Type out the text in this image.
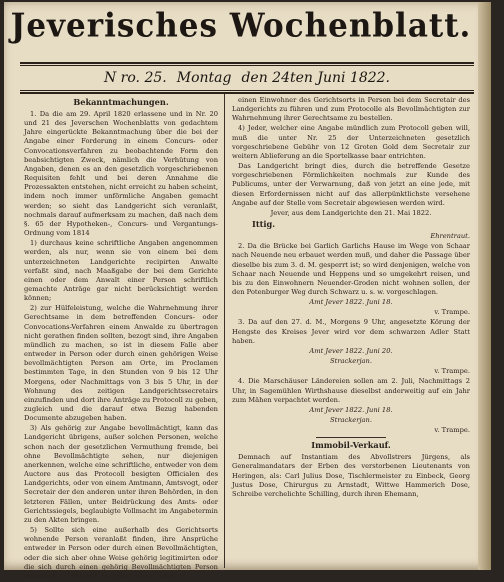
Jeverisches Wochenblatt.
N ro. 25. Montag den 24ten Juni 1822.

Bekanntmachungen.

1. Da die am 29. April 1820 erlassene und in Nr. 20 und 21 des Jeverschen Wochenblatts von gedachtem Jahre eingerückte Bekanntmachung über die bei der Angabe einer Forderung in einem Concurs- oder Convocationsverfahren zu beobachtende Form den beabsichtigten Zweck, nämlich die Verhütung von Angaben, denen es an den gesetzlich vorgeschriebenen Requisiten fehlt und bei deren Annahme die Prozessakten entstehen, nicht erreicht zu haben scheint, indem noch immer unförmliche Angaben gemacht werden; so sieht das Landgericht sich veranlaßt, nochmals darauf aufmerksam zu machen, daß nach dem §. 65 der Hypotheken-, Concurs- und Vergantungs-Ordnung vom 1814

1) durchaus keine schriftliche Angaben angenommen werden, als nur, wenn sie von einem bei dem unterzeichneten Landgerichte recipirten Anwalte verfaßt sind, nach Maaßgabe der bei dem Gerichte einen oder dem Anwalt einer Person schriftlich gemachte Anträge gar nicht berücksichtigt werden können;

2) zur Hülfeleistung, welche die Wahrnehmung ihrer Gerechtsame in dem betreffenden Concurs- oder Convocations-Verfahren einem Anwalde zu übertragen nicht gerathen finden sollten, bezogt sind, ihre Angaben mündlich zu machen, so ist in diesem Falle aber entweder in Person oder durch einen gehörigen Weise bevollmächtigten Person am Orte, im Proclamen bestimmten Tage, in den Stunden von 9 bis 12 Uhr Morgens, oder Nachmittags von 3 bis 5 Uhr, in der Wohnung des zeitigen Landgerichtssecretairs einzufinden und dort ihre Anträge zu Protocoll zu geben, zugleich und die darauf etwa Bezug habenden Documente abzugeben haben.

3) Als gehörig zur Angabe bevollmächtigt, kann das Landgericht übrigens, außer solchen Personen, welche schon nach der gesetzlichen Vermuthung fremde, bei ohne Bevollmächtigte sehen, nur diejenigen anerkennen, welche eine schriftliche, entweder von dem Auctore aus das Protocoll besigten Officialen des Landgerichts, oder von einem Amtmann, Amtsvogt, oder Secretair der den anderen unter ihren Behörden, in den letzteren Fällen, unter Beidrückung des Amts- oder Gerichtssiegels, beglaubigte Vollmacht im Angabetermin zu den Akten bringen.

5) Sollte sich eine außerhalb des Gerichtsorts wohnende Person veranlaßt finden, ihre Ansprüche entweder in Person oder durch einen Bevollmächtigten, oder die sich aber ohne Weise gehörig legitimirten oder die sich durch einen gehörig Bevollmächtigten Person mündlich zu Protocoll zu geben, so hat sie der

einen Einwohner des Gerichtsorts in Person bei dem Secretair des Landgerichts zu führen und zum Protocolle als Bevollmächtigten zur Wahrnehmung ihrer Gerechtsame zu bestellen.

4) Jeder, welcher eine Angabe mündlich zum Protocoll geben will, muß die unter Nr. 25 der Unterzeichneten gesetzlich vorgeschriebene Gebühr von 12 Groten Gold dem Secretair zur weitern Ablieferung an die Sportelkasse baar entrichten.

Das Landgericht bringt dies, durch die betreffende Gesetze vorgeschriebenen Förmlichkeiten nochmals zur Kunde des Publicums, unter der Verwarnung, daß von jetzt an eine jede, mit diesen Erfordernissen nicht auf das allerpünktlichste versehene Angabe auf der Stelle vom Secretair abgewiesen werden wird.

Jever, aus dem Landgerichte den 21. Mai 1822.

Ittig.

Ehrentraut.

2. Da die Brücke bei Garlich Garlichs Hause im Wege von Schaar nach Neuende neu erbauet werden muß, und daher die Passage über dieselbe bis zum 3. d. M. gesperrt ist; so wird denjenigen, welche von Schaar nach Neuende und Heppens und so umgekehrt reisen, und bis zu den Einwohnern Neuender-Groden nicht wohnen sollen, der den Potenburger Weg durch Schwarz u. s. w. vorgeschlagen.

Amt Jever 1822. Juni 18.

v. Trampe.

3. Da auf den 27. d. M., Morgens 9 Uhr, angesetzte Körung der Hengste des Kreises Jever wird vor dem schwarzen Adler Statt haben.

Amt Jever 1822. Juni 20.

Strackerjan.

v. Trampe.

4. Die Marschäuser Ländereien sollen am 2. Juli, Nachmittags 2 Uhr, in Sagemühlen Wirthshause dieselbst anderweitig auf ein Jahr zum Mähen verpachtet werden.

Amt Jever 1822. Juni 18.

Strackerjan.

v. Trampe.

Immobil-Verkauf.

Demnach auf Instantiam des Abvollstrers Jürgens, als Generalmandatars der Erben des verstorbenen Lieutenants von Heringen, als: Carl Julius Dose, Tischlermeister zu Einbeck, Georg Justus Dose, Chirurgus zu Arnstadt, Wittwe Hammerich Dose, Schreibe verchelichte Schilling, durch ihren Ehemann,
